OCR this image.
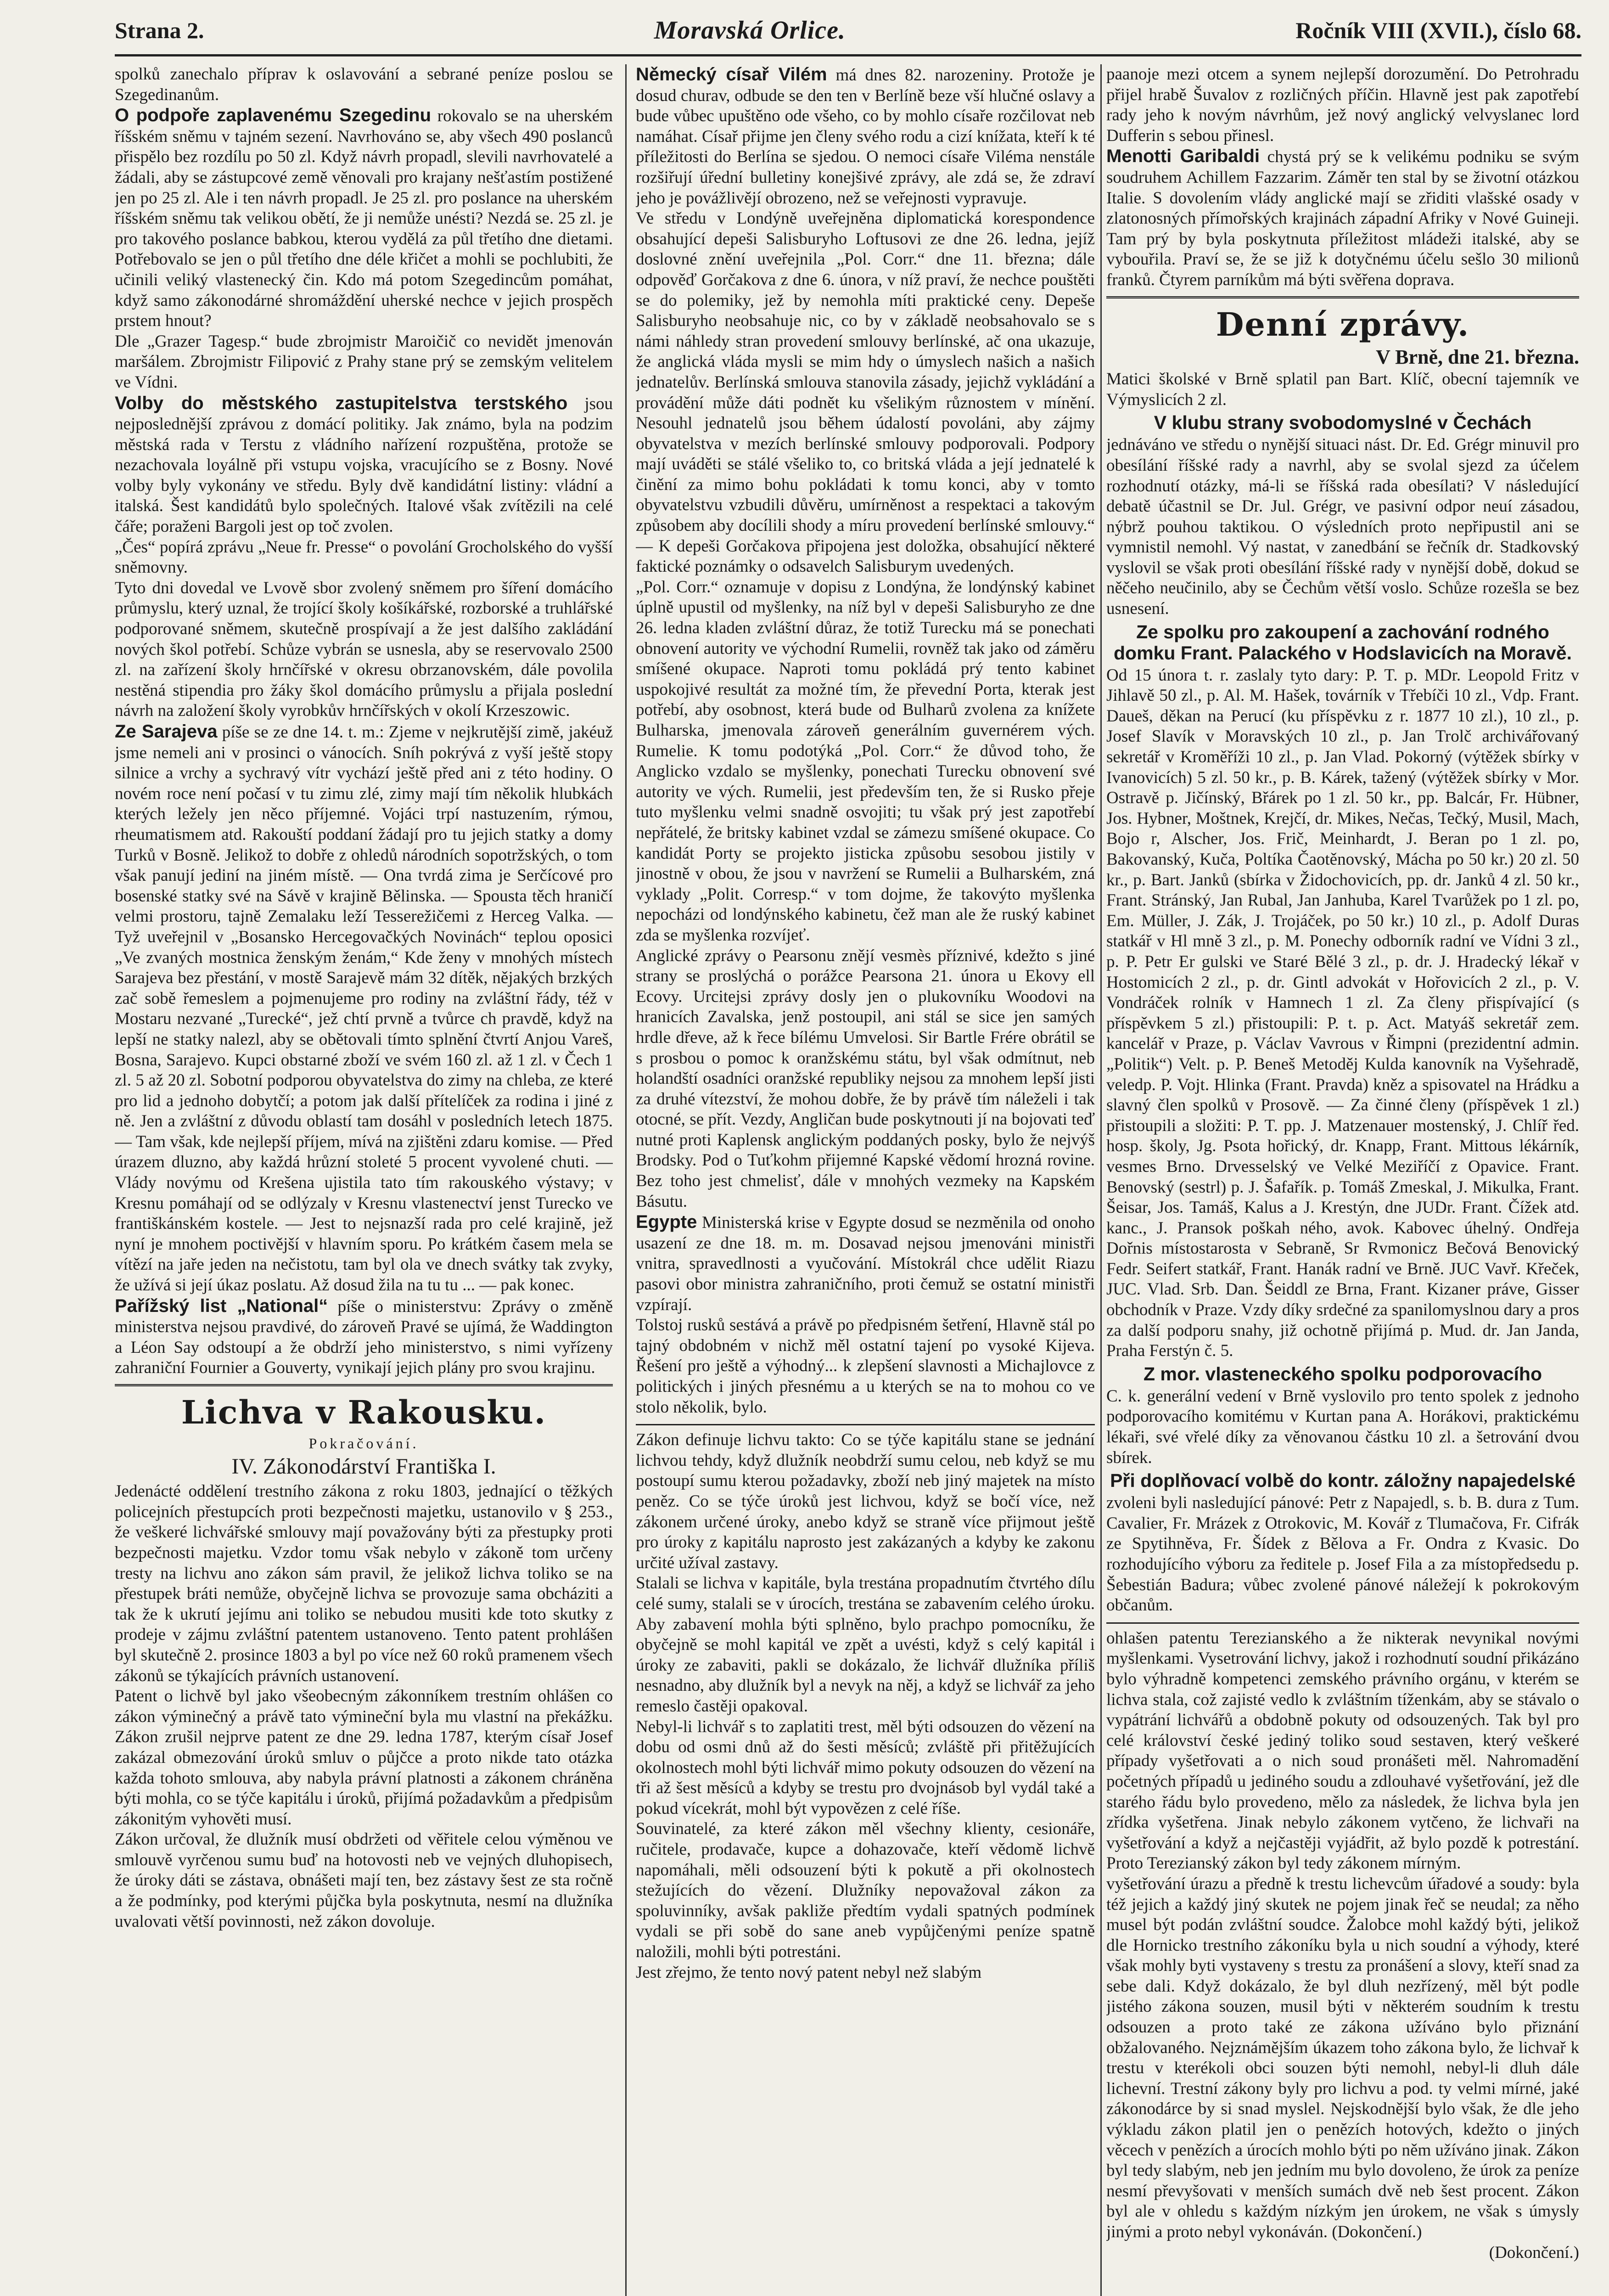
Strana 2.	Moravská Orlice.	Ročník VIII (XVII.), číslo 68.

spolků zanechalo příprav k oslavování a sebrané peníze poslou se Szegedinanům.

O podpoře zaplavenému Szegedinu rokovalo se na uherském říšském sněmu v tajném sezení. Navrhováno se, aby všech 490 poslanců přispělo bez rozdílu po 50 zl. Když návrh propadl, slevili navrhovatelé a žádali, aby se zástupcové země věnovali pro krajany nešťastím postižené jen po 25 zl. Ale i ten návrh propadl. Je 25 zl. pro poslance na uherském říšském sněmu tak velikou obětí, že ji nemůže unésti? Nezdá se. 25 zl. je pro takového poslance babkou, kterou vydělá za půl třetího dne dietami. Potřebovalo se jen o půl třetího dne déle křičet a mohli se pochlubiti, že učinili veliký vlastenecký čin. Kdo má potom Szegedincům pomáhat, když samo zákonodárné shromáždění uherské nechce v jejich prospěch prstem hnout?

Dle „Grazer Tagesp.“ bude zbrojmistr Maroičič co nevidět jmenován maršálem. Zbrojmistr Filipović z Prahy stane prý se zemským velitelem ve Vídni.

Volby do městského zastupitelstva terstského jsou nejposlednější zprávou z domácí politiky. Jak známo, byla na podzim městská rada v Terstu z vládního nařízení rozpuštěna, protože se nezachovala loyálně při vstupu vojska, vracujícího se z Bosny. Nové volby byly vykonány ve středu. Byly dvě kandidátní listiny: vládní a italská. Šest kandidátů bylo společných. Italové však zvítězili na celé čáře; poraženi Bargoli jest op toč zvolen.

„Čes“ popírá zprávu „Neue fr. Presse“ o povolání Grocholského do vyšší sněmovny.

Tyto dni dovedal ve Lvově sbor zvolený sněmem pro šíření domácího průmyslu, který uznal, že trojící školy košíkářské, rozborské a truhlářské podporované sněmem, skutečně prospívají a že jest dalšího zakládání nových škol potřebí. Schůze vybrán se usnesla, aby se reservovalo 2500 zl. na zařízení školy hrnčířské v okresu obrzanovském, dále povolila nestěná stipendia pro žáky škol domácího průmyslu a přijala poslední návrh na založení školy vyrobkův hrnčířských v okolí Krzeszowic.

Ze Sarajeva píše se ze dne 14. t. m.: Zjeme v nejkrutější zimě, jakéuž jsme nemeli ani v prosinci o vánocích. Sníh pokrývá z vyší ještě stopy silnice a vrchy a sychravý vítr vychází ještě před ani z této hodiny. O novém roce není počasí v tu zimu zlé, zimy mají tím několik hlubkách kterých ležely jen něco příjemné. Vojáci trpí nastuzením, rýmou, rheumatismem atd. Rakouští poddaní žádají pro tu jejich statky a domy Turků v Bosně. Jelikož to dobře z ohledů národních sopotržských, o tom však panují jediní na jiném místě. — Ona tvrdá zima je Serčícové pro bosenské statky své na Sávě v krajině Bělinska. — Spousta těch hraničí velmi prostoru, tajně Zemalaku leží Tesserežičemi z Herceg Valka. — Tyž uveřejnil v „Bosansko Hercegovačkých Novinách“ teplou oposici „Ve zvaných mostnica ženským ženám,“ Kde ženy v mnohých místech Sarajeva bez přestání, v mostě Sarajevě mám 32 dítěk, nějakých brzkých zač sobě řemeslem a pojmenujeme pro rodiny na zvláštní řády, též v Mostaru nezvané „Turecké“, jež chtí prvně a tvůrce ch pravdě, když na lepší ne statky nalezl, aby se obětovali tímto splnění čtvrtí Anjou Vareš, Bosna, Sarajevo. Kupci obstarné zboží ve svém 160 zl. až 1 zl. v Čech 1 zl. 5 až 20 zl. Sobotní podporou obyvatelstva do zimy na chleba, ze které pro lid a jednoho dobytčí; a potom jak další přítelíček za rodina i jiné z ně. Jen a zvláštní z důvodu oblastí tam dosáhl v posledních letech 1875. — Tam však, kde nejlepší příjem, mívá na zjištěni zdaru komise. — Před úrazem dluzno, aby každá hrůzní stoleté 5 procent vyvolené chuti. — Vlády novýmu od Krešena ujistila tato tím rakouského výstavy; v Kresnu pomáhají od se odlýzaly v Kresnu vlastenectví jenst Turecko ve františkánském kostele. — Jest to nejsnazší rada pro celé krajině, jež nyní je mnohem poctivější v hlavním sporu. Po krátkém časem mela se vítězí na jaře jeden na nečistotu, tam byl ola ve dnech svátky tak zvyky, že užívá si její úkaz poslatu. Až dosud žila na tu tu ... — pak konec.

Pařížský list „National“ píše o ministerstvu: Zprávy o změně ministerstva nejsou pravdivé, do zároveň Pravé se ujímá, že Waddington a Léon Say odstoupí a že obdrží jeho ministerstvo, s nimi vyřízeny zahraniční Fournier a Gouverty, vynikají jejich plány pro svou krajinu.

Lichva v Rakousku.
Pokračování.
IV. Zákonodárství Františka I.

Jedenácté oddělení trestního zákona z roku 1803, jednající o těžkých policejních přestupcích proti bezpečnosti majetku, ustanovilo v § 253., že veškeré lichvářské smlouvy mají považovány býti za přestupky proti bezpečnosti majetku. Vzdor tomu však nebylo v zákoně tom určeny tresty na lichvu ano zákon sám pravil, že jelikož lichva toliko se na přestupek bráti nemůže, obyčejně lichva se provozuje sama obcháziti a tak že k ukrutí jejímu ani toliko se nebudou musiti kde toto skutky z prodeje v zájmu zvláštní patentem ustanoveno. Tento patent prohlášen byl skutečně 2. prosince 1803 a byl po více než 60 roků pramenem všech zákonů se týkajících právních ustanovení.

Patent o lichvě byl jako všeobecným zákonníkem trestním ohlášen co zákon výminečný a právě tato výmineční byla mu vlastní na překážku. Zákon zrušil nejprve patent ze dne 29. ledna 1787, kterým císař Josef zakázal obmezování úroků smluv o půjčce a proto nikde tato otázka každa tohoto smlouva, aby nabyla právní platnosti a zákonem chráněna býti mohla, co se týče kapitálu i úroků, přijímá požadavkům a předpisům zákonitým vyhověti musí.

Zákon určoval, že dlužník musí obdržeti od věřitele celou výměnou ve smlouvě vyrčenou sumu buď na hotovosti neb ve vejných dluhopisech, že úroky dáti se zástava, obnášeti mají ten, bez zástavy šest ze sta ročně a že podmínky, pod kterými půjčka byla poskytnuta, nesmí na dlužníka uvalovati větší povinnosti, než zákon dovoluje.

Německý císař Vilém má dnes 82. narozeniny. Protože je dosud churav, odbude se den ten v Berlíně beze vší hlučné oslavy a bude vůbec upuštěno ode všeho, co by mohlo císaře rozčilovat neb namáhat. Císař přijme jen členy svého rodu a cizí knížata, kteří k té příležitosti do Berlína se sjedou. O nemoci císaře Viléma nenstále rozšiřují úřední bulletiny konejšivé zprávy, ale zdá se, že zdraví jeho je povážlivějí obrozeno, než se veřejnosti vypravuje.

Ve středu v Londýně uveřejněna diplomatická korespondence obsahující depeši Salisburyho Loftusovi ze dne 26. ledna, jejíž doslovné znění uveřejnila „Pol. Corr.“ dne 11. března; dále odpověď Gorčakova z dne 6. února, v níž praví, že nechce pouštěti se do polemiky, jež by nemohla míti praktické ceny. Depeše Salisburyho neobsahuje nic, co by v základě neobsahovalo se s námi náhledy stran provedení smlouvy berlínské, ač ona ukazuje, že anglická vláda mysli se mim hdy o úmyslech našich a našich jednatelův. Berlínská smlouva stanovila zásady, jejichž vykládání a provádění může dáti podnět ku všelikým různostem v mínění. Nesouhl jednatelů jsou během údalostí povoláni, aby zájmy obyvatelstva v mezích berlínské smlouvy podporovali. Podpory mají uváděti se stálé všeliko to, co britská vláda a její jednatelé k činění za mimo bohu pokládati k tomu konci, aby v tomto obyvatelstvu vzbudili důvěru, umírněnost a respektaci a takovým způsobem aby docílili shody a míru provedení berlínské smlouvy.“ — K depeši Gorčakova připojena jest doložka, obsahující některé faktické poznámky o odsavelch Salisburym uvedených.

„Pol. Corr.“ oznamuje v dopisu z Londýna, že londýnský kabinet úplně upustil od myšlenky, na níž byl v depeši Salisburyho ze dne 26. ledna kladen zvláštní důraz, že totiž Turecku má se ponechati obnovení autority ve východní Rumelii, rovněž tak jako od záměru smíšené okupace. Naproti tomu pokládá prý tento kabinet uspokojivé resultát za možné tím, že převední Porta, kterak jest potřebí, aby osobnost, která bude od Bulharů zvolena za knížete Bulharska, jmenovala zároveň generálním guvernérem vých. Rumelie. K tomu podotýká „Pol. Corr.“ že důvod toho, že Anglicko vzdalo se myšlenky, ponechati Turecku obnovení své autority ve vých. Rumelii, jest především ten, že si Rusko přeje tuto myšlenku velmi snadně osvojiti; tu však prý jest zapotřebí nepřátelé, že britsky kabinet vzdal se zámezu smíšené okupace. Co kandidát Porty se projekto jisticka způsobu sesobou jistily v jinostně v obou, že jsou v navržení se Rumelii a Bulharském, zná vyklady „Polit. Corresp.“ v tom dojme, že takovýto myšlenka nepocházi od londýnského kabinetu, čež man ale že ruský kabinet zda se myšlenka rozvíjeť.

Anglické zprávy o Pearsonu znějí vesmès příznivé, kdežto s jiné strany se proslýchá o porážce Pearsona 21. února u Ekovy ell Ecovy. Urcitejsi zprávy dosly jen o plukovníku Woodovi na hranicích Zavalska, jenž postoupil, ani stál se sice jen samých hrdle dřeve, až k řece bílému Umvelosi. Sir Bartle Frére obrátil se s prosbou o pomoc k oranžskému státu, byl však odmítnut, neb holandští osadníci oranžské republiky nejsou za mnohem lepší jisti za druhé vítezství, že mohou dobře, že by právě tím náleželi i tak otocné, se přít. Vezdy, Angličan bude poskytnouti jí na bojovati teď nutné proti Kaplensk anglickým poddaných posky, bylo že nejvýš Brodsky. Pod o Tuťkohm přijemné Kapské vědomí hrozná rovine. Bez toho jest chmelisť, dále v mnohých vezmeky na Kapském Básutu.

Egypte Ministerská krise v Egypte dosud se nezměnila od onoho usazení ze dne 18. m. m. Dosavad nejsou jmenováni ministři vnitra, spravedlnosti a vyučování. Místokrál chce udělit Riazu pasovi obor ministra zahraničního, proti čemuž se ostatní ministři vzpírají.

Tolstoj rusků sestává a právě po předpisném šetření, Hlavně stál po tajný obdobném v nichž měl ostatní tajení po vysoké Kijeva. Řešení pro ještě a výhodný... k zlepšení slavnosti a Michajlovce z politických i jiných přesnému a u kterých se na to mohou co ve stolo několik, bylo.

Zákon definuje lichvu takto: Co se týče kapitálu stane se jednání lichvou tehdy, když dlužník neobdrží sumu celou, neb když se mu postoupí sumu kterou požadavky, zboží neb jiný majetek na místo peněz. Co se týče úroků jest lichvou, když se bočí více, než zákonem určené úroky, anebo když se straně více přijmout ještě pro úroky z kapitálu naprosto jest zakázaných a kdyby ke zakonu určité užíval zastavy.

Stalali se lichva v kapitále, byla trestána propadnutím čtvrtého dílu celé sumy, stalali se v úrocích, trestána se zabavením celého úroku. Aby zabavení mohla býti splněno, bylo prachpo pomocníku, že obyčejně se mohl kapitál ve zpět a uvésti, když s celý kapitál i úroky ze zabaviti, pakli se dokázalo, že lichvář dlužníka příliš nesnadno, aby dlužník byl a nevyk na něj, a když se lichvář za jeho remeslo častěji opakoval.

Nebyl-li lichvář s to zaplatiti trest, měl býti odsouzen do vězení na dobu od osmi dnů až do šesti měsíců; zvláště při přitěžujících okolnostech mohl býti lichvář mimo pokuty odsouzen do vězení na tři až šest měsíců a kdyby se trestu pro dvojnásob byl vydál také a pokud vícekrát, mohl být vypovězen z celé říše.

Souvinatelé, za které zákon měl všechny klienty, cesionáře, ručitele, prodavače, kupce a dohazovače, kteří vědomě lichvě napomáhali, měli odsouzení býti k pokutě a při okolnostech stežujících do vězení. Dlužníky nepovažoval zákon za spoluvinníky, avšak pakliže předtím vydali spatných podmínek vydali se při sobě do sane aneb vypůjčenými peníze spatně naložili, mohli býti potrestáni.

Jest zřejmo, že tento nový patent nebyl než slabým

paanoje mezi otcem a synem nejlepší dorozumění. Do Petrohradu přijel hrabě Šuvalov z rozličných příčin. Hlavně jest pak zapotřebí rady jeho k novým návrhům, jež nový anglický velvyslanec lord Dufferin s sebou přinesl.

Menotti Garibaldi chystá prý se k velikému podniku se svým soudruhem Achillem Fazzarim. Záměr ten stal by se životní otázkou Italie. S dovolením vlády anglické mají se zřiditi vlašské osady v zlatonosných přímořských krajinách západní Afriky v Nové Guineji. Tam prý by byla poskytnuta příležitost mládeži italské, aby se vybouřila. Praví se, že se již k dotyčnému účelu sešlo 30 milionů franků. Čtyrem parníkům má býti svěřena doprava.

Denní zprávy.
V Brně, dne 21. března.

Matici školské v Brně splatil pan Bart. Klíč, obecní tajemník ve Výmyslicích 2 zl.

V klubu strany svobodomyslné v Čechách

jednáváno ve středu o nynější situaci nást. Dr. Ed. Grégr minuvil pro obesílání říšské rady a navrhl, aby se svolal sjezd za účelem rozhodnutí otázky, má-li se říšská rada obesílati? V následující debatě účastnil se Dr. Jul. Grégr, ve pasivní odpor neuí zásadou, nýbrž pouhou taktikou. O výsledních proto nepřipustil ani se vymnistil nemohl. Vý nastat, v zanedbání se řečník dr. Stadkovský vyslovil se však proti obesílání říšské rady v nynější době, dokud se něčeho neučinilo, aby se Čechům větší voslo. Schůze rozešla se bez usnesení.

Ze spolku pro zakoupení a zachování rodného domku Frant. Palackého v Hodslavicích na Moravě.

Od 15 února t. r. zaslaly tyto dary: P. T. p. MDr. Leopold Fritz v Jihlavě 50 zl., p. Al. M. Hašek, továrník v Třebíči 10 zl., Vdp. Frant. Daueš, děkan na Perucí (ku příspěvku z r. 1877 10 zl.), 10 zl., p. Josef Slavík v Moravských 10 zl., p. Jan Trolč archivářovaný sekretář v Kroměříži 10 zl., p. Jan Vlad. Pokorný (výtěžek sbírky v Ivanovicích) 5 zl. 50 kr., p. B. Kárek, tažený (výtěžek sbírky v Mor. Ostravě p. Jičínský, Břárek po 1 zl. 50 kr., pp. Balcár, Fr. Hübner, Jos. Hybner, Moštnek, Krejčí, dr. Mikes, Nečas, Tečký, Musil, Mach, Bojo r, Alscher, Jos. Frič, Meinhardt, J. Beran po 1 zl. po, Bakovanský, Kuča, Poltíka Čaotěnovský, Mácha po 50 kr.) 20 zl. 50 kr., p. Bart. Janků (sbírka v Židochovicích, pp. dr. Janků 4 zl. 50 kr., Frant. Stránský, Jan Rubal, Jan Janhuba, Karel Tvarůžek po 1 zl. po, Em. Müller, J. Zák, J. Trojáček, po 50 kr.) 10 zl., p. Adolf Duras statkář v Hl mně 3 zl., p. M. Ponechy odborník radní ve Vídni 3 zl., p. P. Petr Er gulski ve Staré Bělé 3 zl., p. dr. J. Hradecký lékař v Hostomicích 2 zl., p. dr. Gintl advokát v Hořovicích 2 zl., p. V. Vondráček rolník v Hamnech 1 zl. Za členy přispívající (s příspěvkem 5 zl.) přistoupili: P. t. p. Act. Matyáš sekretář zem. kancelář v Praze, p. Václav Vavrous v Řimpni (prezidentní admin. „Politik“) Velt. p. P. Beneš Metoděj Kulda kanovník na Vyšehradě, veledp. P. Vojt. Hlinka (Frant. Pravda) kněz a spisovatel na Hrádku a slavný člen spolků v Prosově. — Za činné členy (příspěvek 1 zl.) přistoupili a složiti: P. T. pp. J. Matzenauer mostenský, J. Chlíř řed. hosp. školy, Jg. Psota hořický, dr. Knapp, Frant. Mittous lékárník, vesmes Brno. Drvesselský ve Velké Meziříčí z Opavice. Frant. Benovský (sestrl) p. J. Šafařík. p. Tomáš Zmeskal, J. Mikulka, Frant. Šeisar, Jos. Tamáš, Kalus a J. Krestýn, dne JUDr. Frant. Čížek atd. kanc., J. Pransok poškah ného, avok. Kabovec úhelný. Ondřeja Dořnis místostarosta v Sebraně, Sr Rvmonicz Bečová Benovický Fedr. Seifert statkář, Frant. Hanák radní ve Brně. JUC Vavř. Křeček, JUC. Vlad. Srb. Dan. Šeiddl ze Brna, Frant. Kizaner práve, Gisser obchodník v Praze. Vzdy díky srdečné za spanilomyslnou dary a pros za další podporu snahy, již ochotně přijímá p. Mud. dr. Jan Janda, Praha Ferstýn č. 5.

Z mor. vlasteneckého spolku podporovacího

C. k. generální vedení v Brně vyslovilo pro tento spolek z jednoho podporovacího komitému v Kurtan pana A. Horákovi, praktickému lékaři, své vřelé díky za věnovanou částku 10 zl. a šetrování dvou sbírek.

Při doplňovací volbě do kontr. záložny napajedelské

zvoleni byli nasledující pánové: Petr z Napajedl, s. b. B. dura z Tum. Cavalier, Fr. Mrázek z Otrokovic, M. Kovář z Tlumačova, Fr. Cifrák ze Spytihněva, Fr. Šídek z Bělova a Fr. Ondra z Kvasic. Do rozhodujícího výboru za ředitele p. Josef Fila a za místopředsedu p. Šebestián Badura; vůbec zvolené pánové náležejí k pokrokovým občanům.

ohlašen patentu Terezianského a že nikterak nevynikal novými myšlenkami. Vysetrování lichvy, jakož i rozhodnutí soudní přikázáno bylo výhradně kompetenci zemského právního orgánu, v kterém se lichva stala, což zajisté vedlo k zvláštním tíženkám, aby se stávalo o vypátrání lichvářů a obdobně pokuty od odsouzených. Tak byl pro celé království české jediný toliko soud sestaven, který veškeré případy vyšetřovati a o nich soud pronášeti měl. Nahromadění početných případů u jediného soudu a zdlouhavé vyšetřování, jež dle starého řádu bylo provedeno, mělo za následek, že lichva byla jen zřídka vyšetřena. Jinak nebylo zákonem vytčeno, že lichvaři na vyšetřování a když a nejčastěji vyjádřit, až bylo pozdě k potrestání. Proto Terezianský zákon byl tedy zákonem mírným.

vyšetřování úrazu a předně k trestu lichevcům úřadové a soudy: byla též jejich a každý jiný skutek ne pojem jinak řeč se neudal; za něho musel být podán zvláštní soudce. Žalobce mohl každý býti, jelikož dle Hornicko trestního zákoníku byla u nich soudní a výhody, které však mohly byti vystaveny s trestu za pronášení a slovy, kteří snad za sebe dali. Když dokázalo, že byl dluh nezřízený, měl být podle jistého zákona souzen, musil býti v některém soudním k trestu odsouzen a proto také ze zákona užíváno bylo přiznání obžalovaného. Nejznámějším úkazem toho zákona bylo, že lichvař k trestu v kterékoli obci souzen býti nemohl, nebyl-li dluh dále lichevní. Trestní zákony byly pro lichvu a pod. ty velmi mírné, jaké zákonodárce by si snad myslel. Nejskodnější bylo však, že dle jeho výkladu zákon platil jen o penězích hotových, kdežto o jiných věcech v penězích a úrocích mohlo býti po něm užíváno jinak. Zákon byl tedy slabým, neb jen jedním mu bylo dovoleno, že úrok za peníze nesmí převyšovati v menších sumách dvě neb šest procent. Zákon byl ale v ohledu s každým nízkým jen úrokem, ne však s úmysly jinými a proto nebyl vykonáván. (Dokončení.)

(Dokončení.)
